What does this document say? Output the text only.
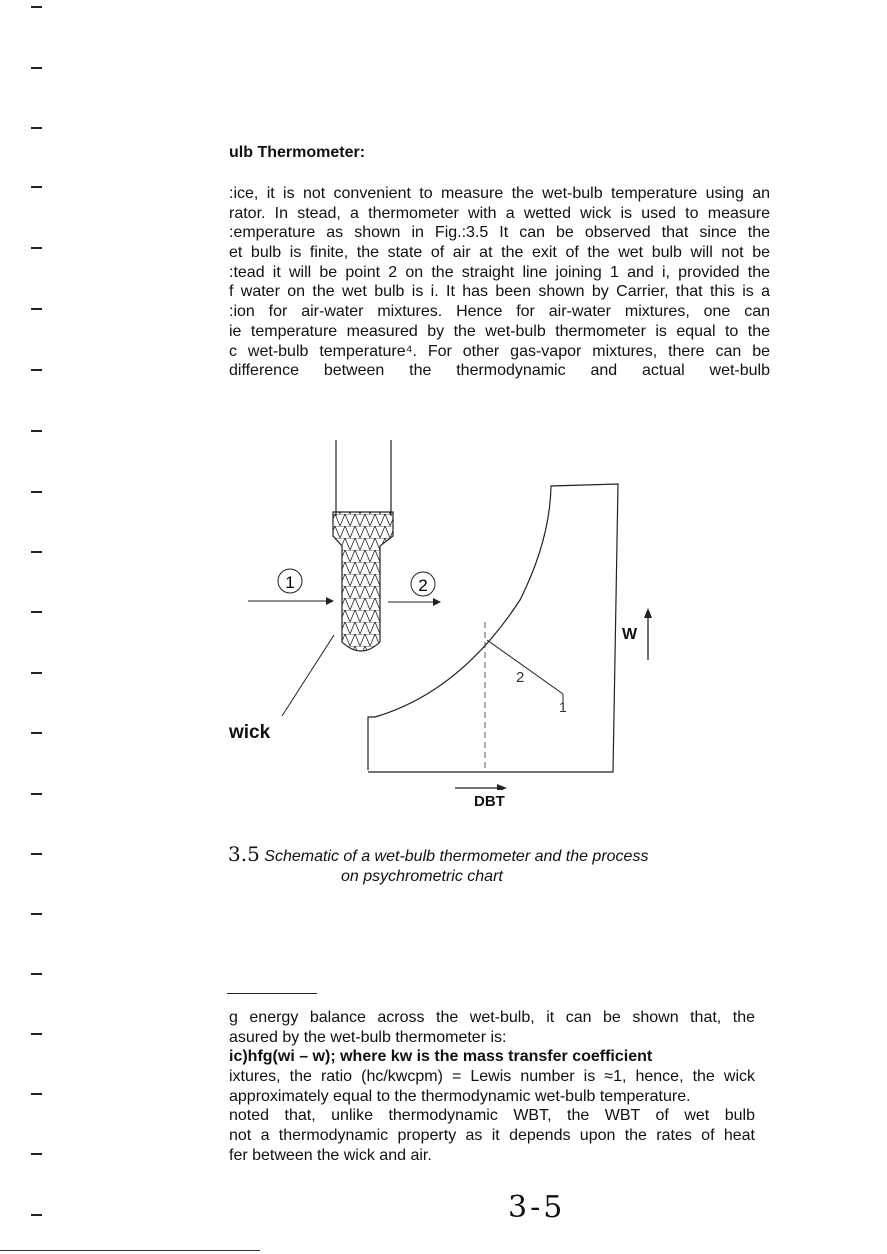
ulb Thermometer:
:ice, it is not convenient to measure the wet-bulb temperature using an
rator. In stead, a thermometer with a wetted wick is used to measure
:emperature as shown in Fig.:3.5 It can be observed that since the
et bulb is finite, the state of air at the exit of the wet bulb will not be
:tead it will be point 2 on the straight line joining 1 and i, provided the
f water on the wet bulb is i. It has been shown by Carrier, that this is a
:ion for air-water mixtures. Hence for air-water mixtures, one can
ie temperature measured by the wet-bulb thermometer is equal to the
c wet-bulb temperature⁴. For other gas-vapor mixtures, there can be
difference between the thermodynamic and actual wet-bulb
1	2
2
1
wick
W
DBT
3.5 Schematic of a wet-bulb thermometer and the process
on psychrometric chart
g energy balance across the wet-bulb, it can be shown that, the
asured by the wet-bulb thermometer is:
ic)hfg(wi – w); where kw is the mass transfer coefficient
ixtures, the ratio (hc/kwcpm) = Lewis number is ≈1, hence, the wick
approximately equal to the thermodynamic wet-bulb temperature.
noted that, unlike thermodynamic WBT, the WBT of wet bulb
not a thermodynamic property as it depends upon the rates of heat
fer between the wick and air.
3-5
